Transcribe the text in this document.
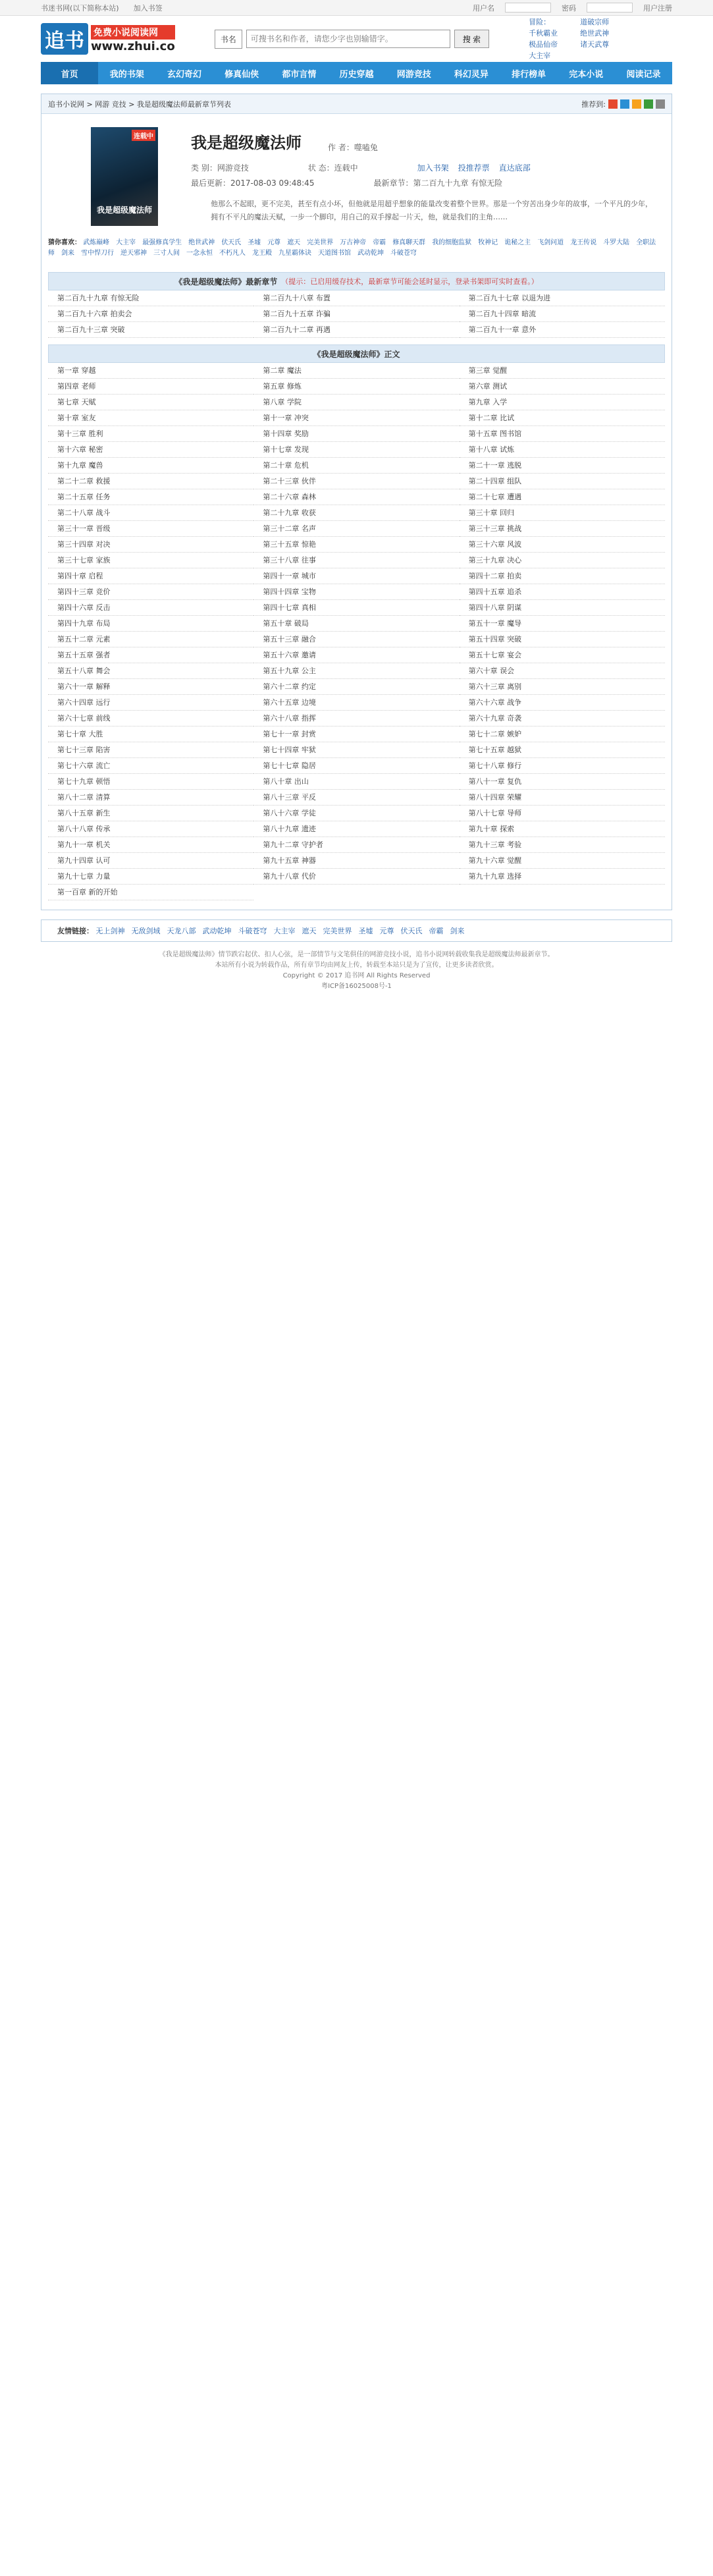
书迷书网(以下简称本站) 加入书签	用户名	密码	用户注册
追书	免费小说阅读网
www.zhui.co	书名
可搜书名和作者，请您少字也别输错字。	搜 索
冒险：	道破宗师
千秋霸业	绝世武神
极品仙帝	诸天武尊
大主宰
首页	我的书架	玄幻奇幻	修真仙侠	都市言情	历史穿越	网游竞技	科幻灵异	排行榜单	完本小说	阅读记录
追书小说网 > 网游 竞技 > 我是超级魔法师最新章节列表	推荐到:
连载中
我是超级魔法师
我是超级魔法师	作 者：噬嗑兔
类 别：网游竞技	状 态：连载中	加入书架 投推荐票 直达底部
最后更新：2017-08-03 09:48:45	最新章节：第二百九十九章 有惊无险

他那么不起眼，更不完美，甚至有点小坏，但他就是用超乎想象的能量改变着整个世界。那是一个穷苦出身少年的故事，一个平凡的少年，拥有不平凡的魔法天赋，一步一个脚印，用自己的双手撑起一片天，他，就是我们的主角……

猜你喜欢： 武炼巅峰 大主宰 最强修真学生 绝世武神 伏天氏 圣墟 元尊 遮天 完美世界 万古神帝 帝霸 修真聊天群 我的细胞监狱 牧神记 诡秘之主 飞剑问道 龙王传说 斗罗大陆 全职法师 剑来 雪中悍刀行 逆天邪神 三寸人间 一念永恒 不朽凡人 龙王殿 九星霸体诀 天道图书馆 武动乾坤 斗破苍穹
《我是超级魔法师》最新章节 （提示：已启用缓存技术，最新章节可能会延时显示，登录书架即可实时查看。）
第二百九十九章 有惊无险	第二百九十八章 布置	第二百九十七章 以退为进
第二百九十六章 拍卖会	第二百九十五章 诈骗	第二百九十四章 暗流
第二百九十三章 突破	第二百九十二章 再遇	第二百九十一章 意外
《我是超级魔法师》正文
第一章 穿越	第二章 魔法	第三章 觉醒
第四章 老师	第五章 修炼	第六章 测试
第七章 天赋	第八章 学院	第九章 入学
第十章 室友	第十一章 冲突	第十二章 比试
第十三章 胜利	第十四章 奖励	第十五章 图书馆
第十六章 秘密	第十七章 发现	第十八章 试炼
第十九章 魔兽	第二十章 危机	第二十一章 逃脱
第二十二章 救援	第二十三章 伙伴	第二十四章 组队
第二十五章 任务	第二十六章 森林	第二十七章 遭遇
第二十八章 战斗	第二十九章 收获	第三十章 回归
第三十一章 晋级	第三十二章 名声	第三十三章 挑战
第三十四章 对决	第三十五章 惊艳	第三十六章 风波
第三十七章 家族	第三十八章 往事	第三十九章 决心
第四十章 启程	第四十一章 城市	第四十二章 拍卖
第四十三章 竞价	第四十四章 宝物	第四十五章 追杀
第四十六章 反击	第四十七章 真相	第四十八章 阴谋
第四十九章 布局	第五十章 破局	第五十一章 魔导
第五十二章 元素	第五十三章 融合	第五十四章 突破
第五十五章 强者	第五十六章 邀请	第五十七章 宴会
第五十八章 舞会	第五十九章 公主	第六十章 误会
第六十一章 解释	第六十二章 约定	第六十三章 离别
第六十四章 远行	第六十五章 边境	第六十六章 战争
第六十七章 前线	第六十八章 指挥	第六十九章 奇袭
第七十章 大胜	第七十一章 封赏	第七十二章 嫉妒
第七十三章 陷害	第七十四章 牢狱	第七十五章 越狱
第七十六章 流亡	第七十七章 隐居	第七十八章 修行
第七十九章 顿悟	第八十章 出山	第八十一章 复仇
第八十二章 清算	第八十三章 平反	第八十四章 荣耀
第八十五章 新生	第八十六章 学徒	第八十七章 导师
第八十八章 传承	第八十九章 遗迹	第九十章 探索
第九十一章 机关	第九十二章 守护者	第九十三章 考验
第九十四章 认可	第九十五章 神器	第九十六章 觉醒
第九十七章 力量	第九十八章 代价	第九十九章 选择
第一百章 新的开始
友情链接： 无上剑神 无敌剑域 天龙八部 武动乾坤 斗破苍穹 大主宰 遮天 完美世界 圣墟 元尊 伏天氏 帝霸 剑来
《我是超级魔法师》情节跌宕起伏、扣人心弦，是一部情节与文笔俱佳的网游竞技小说，追书小说网转载收集我是超级魔法师最新章节。
本站所有小说为转载作品，所有章节均由网友上传，转载至本站只是为了宣传，让更多读者欣赏。
Copyright © 2017 追书网 All Rights Reserved
粤ICP备16025008号-1
